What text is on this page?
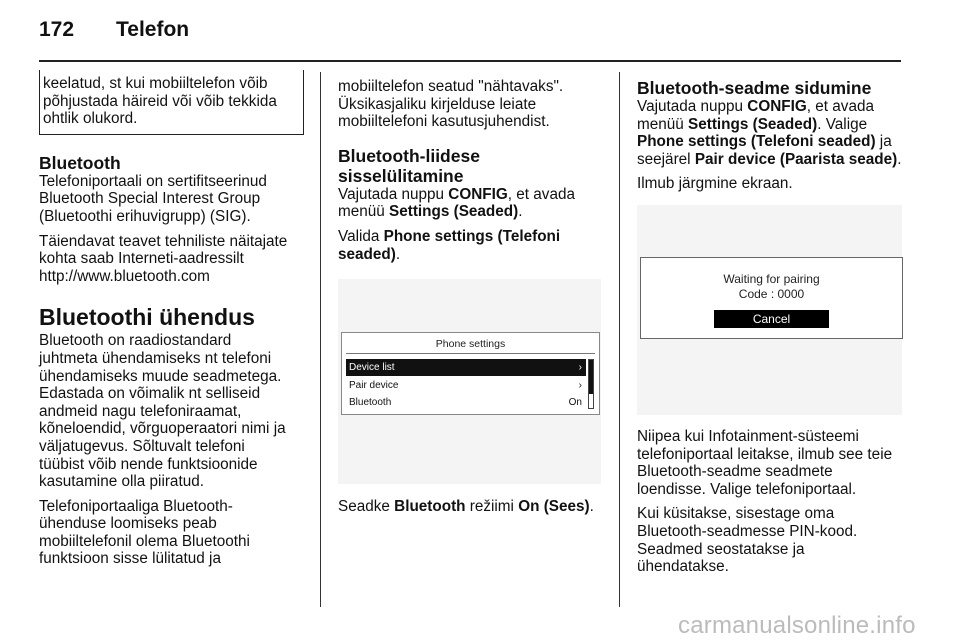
172 Telefon
keelatud, st kui mobiiltelefon võib
põhjustada häireid või võib tekkida
ohtlik olukord.
Bluetooth

Telefoniportaali on sertifitseerinud
Bluetooth Special Interest Group
(Bluetoothi erihuvigrupp) (SIG).

Täiendavat teavet tehniliste näitajate
kohta saab Interneti-aadressilt
http://www.bluetooth.com

Bluetoothi ühendus

Bluetooth on raadiostandard
juhtmeta ühendamiseks nt telefoni
ühendamiseks muude seadmetega.
Edastada on võimalik nt selliseid
andmeid nagu telefoniraamat,
kõneloendid, võrguoperaatori nimi ja
väljatugevus. Sõltuvalt telefoni
tüübist võib nende funktsioonide
kasutamine olla piiratud.

Telefoniportaaliga Bluetooth-
ühenduse loomiseks peab
mobiiltelefonil olema Bluetoothi
funktsioon sisse lülitatud ja

mobiiltelefon seatud "nähtavaks".
Üksikasjaliku kirjelduse leiate
mobiiltelefoni kasutusjuhendist.

Bluetooth-liidese
sisselülitamine

Vajutada nuppu CONFIG, et avada
menüü Settings (Seaded).

Valida Phone settings (Telefoni
seaded).

Phone settings
Device list	›
Pair device	›
Bluetooth	On

Seadke Bluetooth režiimi On (Sees).

Bluetooth-seadme sidumine

Vajutada nuppu CONFIG, et avada
menüü Settings (Seaded). Valige
Phone settings (Telefoni seaded) ja
seejärel Pair device (Paarista seade).

Ilmub järgmine ekraan.

Waiting for pairing
Code : 0000
Cancel

Niipea kui Infotainment-süsteemi
telefoniportaal leitakse, ilmub see teie
Bluetooth-seadme seadmete
loendisse. Valige telefoniportaal.

Kui küsitakse, sisestage oma
Bluetooth-seadmesse PIN-kood.
Seadmed seostatakse ja
ühendatakse.

carmanualsonline.info
